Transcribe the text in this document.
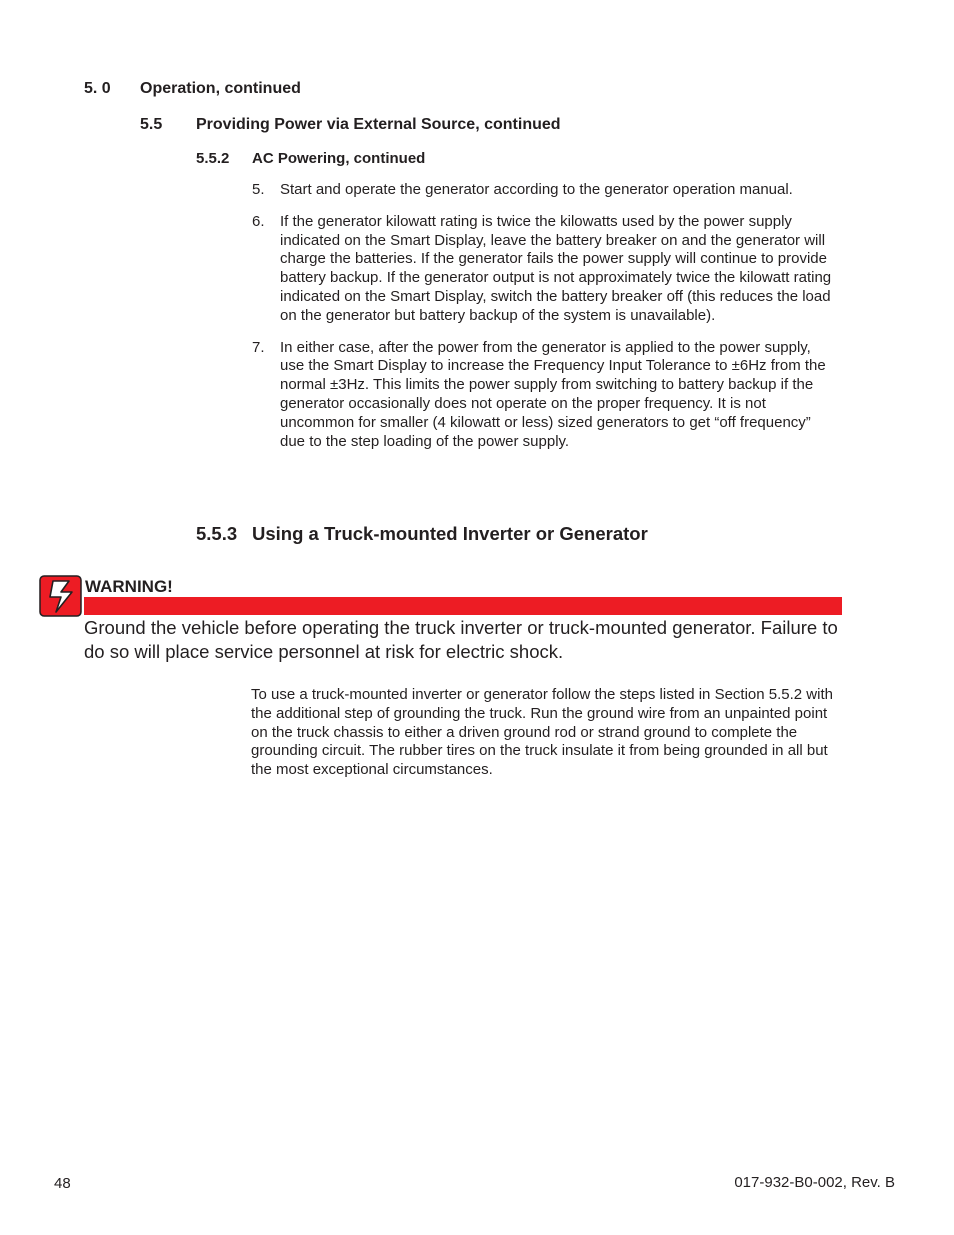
5. 0 Operation, continued
5.5 Providing Power via External Source, continued
5.5.2 AC Powering, continued
5.	Start and operate the generator according to the generator operation manual.
6.	If the generator kilowatt rating is twice the kilowatts used by the power supply indicated on the Smart Display, leave the battery breaker on and the generator will charge the batteries. If the generator fails the power supply will continue to provide battery backup. If the generator output is not approximately twice the kilowatt rating indicated on the Smart Display, switch the battery breaker off (this reduces the load on the generator but battery backup of the system is unavailable).
7.	In either case, after the power from the generator is applied to the power supply, use the Smart Display to increase the Frequency Input Tolerance to ±6Hz from the normal ±3Hz. This limits the power supply from switching to battery backup if the generator occasionally does not operate on the proper frequency. It is not uncommon for smaller (4 kilowatt or less) sized generators to get “off frequency” due to the step loading of the power supply.
5.5.3 Using a Truck-mounted Inverter or Generator
WARNING!
Ground the vehicle before operating the truck inverter or truck-mounted generator. Failure to do so will place service personnel at risk for electric shock.
To use a truck-mounted inverter or generator follow the steps listed in Section 5.5.2 with the additional step of grounding the truck. Run the ground wire from an unpainted point on the truck chassis to either a driven ground rod or strand ground to complete the grounding circuit. The rubber tires on the truck insulate it from being grounded in all but the most exceptional circumstances.
48	017-932-B0-002, Rev. B
